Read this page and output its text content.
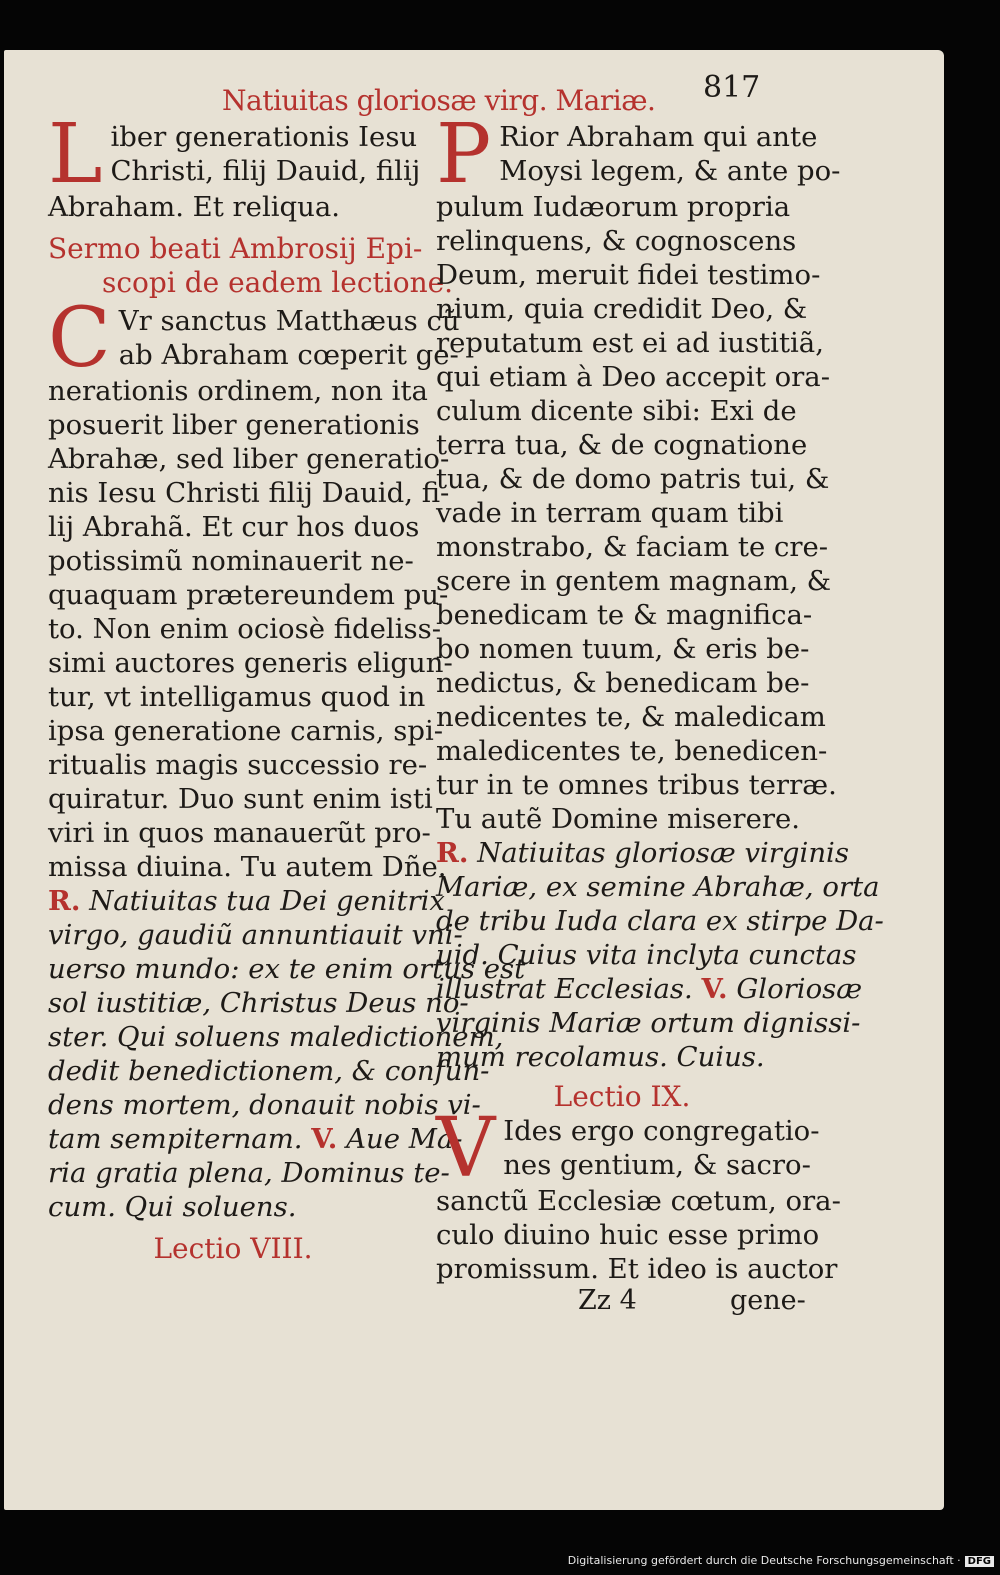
Natiuitas gloriosæ virg. Mariæ. 817
L iber generationis Iesu
Christi, filij Dauid, filij
Abraham. Et reliqua.
Sermo beati Ambrosij Epi-
scopi de eadem lectione.
C Vr sanctus Matthæus cũ
ab Abraham cœperit ge-
nerationis ordinem, non ita
posuerit liber generationis
Abrahæ, sed liber generatio-
nis Iesu Christi filij Dauid, fi-
lij Abrahã. Et cur hos duos
potissimũ nominauerit ne-
quaquam prætereundem pu-
to. Non enim ociosè fideliss-
simi auctores generis eligun-
tur, vt intelligamus quod in
ipsa generatione carnis, spi-
ritualis magis successio re-
quiratur. Duo sunt enim isti
viri in quos manauerũt pro-
missa diuina. Tu autem Dñe.
R. Natiuitas tua Dei genitrix
virgo, gaudiũ annuntiauit vni-
uerso mundo: ex te enim ortus est
sol iustitiæ, Christus Deus no-
ster. Qui soluens maledictionem,
dedit benedictionem, & confun-
dens mortem, donauit nobis vi-
tam sempiternam. V. Aue Ma-
ria gratia plena, Dominus te-
cum. Qui soluens.
Lectio VIII.
P Rior Abraham qui ante
Moysi legem, & ante po-
pulum Iudæorum propria
relinquens, & cognoscens
Deum, meruit fidei testimo-
nium, quia credidit Deo, &
reputatum est ei ad iustitiã,
qui etiam à Deo accepit ora-
culum dicente sibi: Exi de
terra tua, & de cognatione
tua, & de domo patris tui, &
vade in terram quam tibi
monstrabo, & faciam te cre-
scere in gentem magnam, &
benedicam te & magnifica-
bo nomen tuum, & eris be-
nedictus, & benedicam be-
nedicentes te, & maledicam
maledicentes te, benedicen-
tur in te omnes tribus terræ.
Tu autẽ Domine miserere.
R. Natiuitas gloriosæ virginis
Mariæ, ex semine Abrahæ, orta
de tribu Iuda clara ex stirpe Da-
uid. Cuius vita inclyta cunctas
illustrat Ecclesias. V. Gloriosæ
virginis Mariæ ortum dignissi-
mum recolamus. Cuius.
Lectio IX.
V Ides ergo congregatio-
nes gentium, & sacro-
sanctũ Ecclesiæ cœtum, ora-
culo diuino huic esse primo
promissum. Et ideo is auctor
Zz 4	gene-
Digitalisierung gefördert durch die Deutsche Forschungsgemeinschaft · DFG
